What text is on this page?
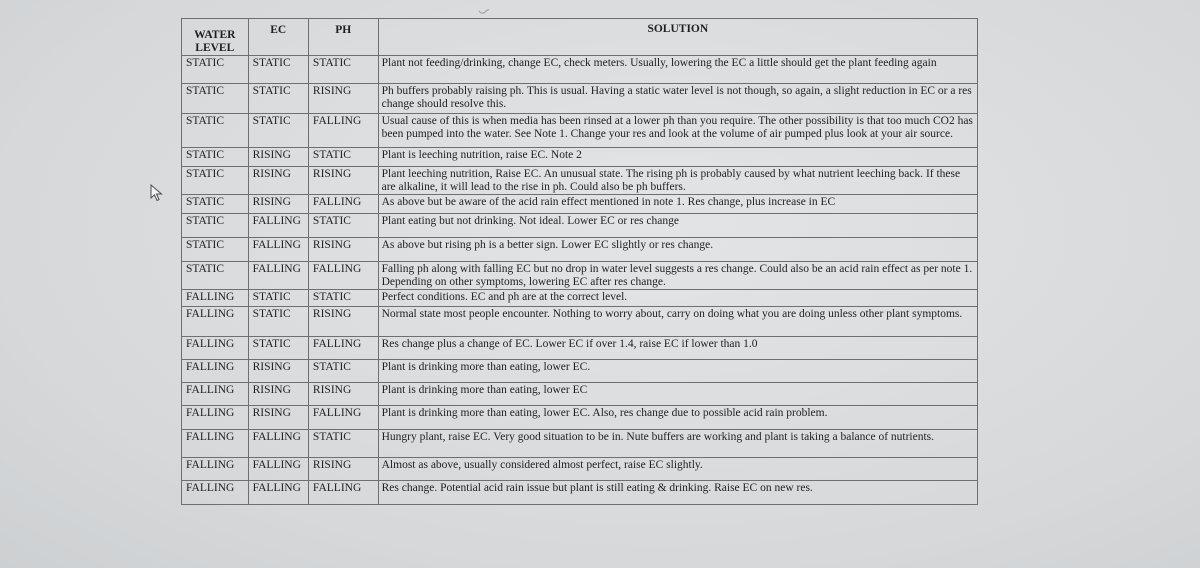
WATER LEVEL	EC	PH	SOLUTION
STATIC	STATIC	STATIC	Plant not feeding/drinking, change EC, check meters. Usually, lowering the EC a little should get the plant feeding again
STATIC	STATIC	RISING	Ph buffers probably raising ph. This is usual. Having a static water level is not though, so again, a slight reduction in EC or a res change should resolve this.
STATIC	STATIC	FALLING	Usual cause of this is when media has been rinsed at a lower ph than you require. The other possibility is that too much CO2 has been pumped into the water. See Note 1. Change your res and look at the volume of air pumped plus look at your air source.
STATIC	RISING	STATIC	Plant is leeching nutrition, raise EC. Note 2
STATIC	RISING	RISING	Plant leeching nutrition, Raise EC. An unusual state. The rising ph is probably caused by what nutrient leeching back. If these are alkaline, it will lead to the rise in ph. Could also be ph buffers.
STATIC	RISING	FALLING	As above but be aware of the acid rain effect mentioned in note 1. Res change, plus increase in EC
STATIC	FALLING	STATIC	Plant eating but not drinking. Not ideal. Lower EC or res change
STATIC	FALLING	RISING	As above but rising ph is a better sign. Lower EC slightly or res change.
STATIC	FALLING	FALLING	Falling ph along with falling EC but no drop in water level suggests a res change. Could also be an acid rain effect as per note 1. Depending on other symptoms, lowering EC after res change.
FALLING	STATIC	STATIC	Perfect conditions. EC and ph are at the correct level.
FALLING	STATIC	RISING	Normal state most people encounter. Nothing to worry about, carry on doing what you are doing unless other plant symptoms.
FALLING	STATIC	FALLING	Res change plus a change of EC. Lower EC if over 1.4, raise EC if lower than 1.0
FALLING	RISING	STATIC	Plant is drinking more than eating, lower EC.
FALLING	RISING	RISING	Plant is drinking more than eating, lower EC
FALLING	RISING	FALLING	Plant is drinking more than eating, lower EC. Also, res change due to possible acid rain problem.
FALLING	FALLING	STATIC	Hungry plant, raise EC. Very good situation to be in. Nute buffers are working and plant is taking a balance of nutrients.
FALLING	FALLING	RISING	Almost as above, usually considered almost perfect, raise EC slightly.
FALLING	FALLING	FALLING	Res change. Potential acid rain issue but plant is still eating & drinking. Raise EC on new res.
